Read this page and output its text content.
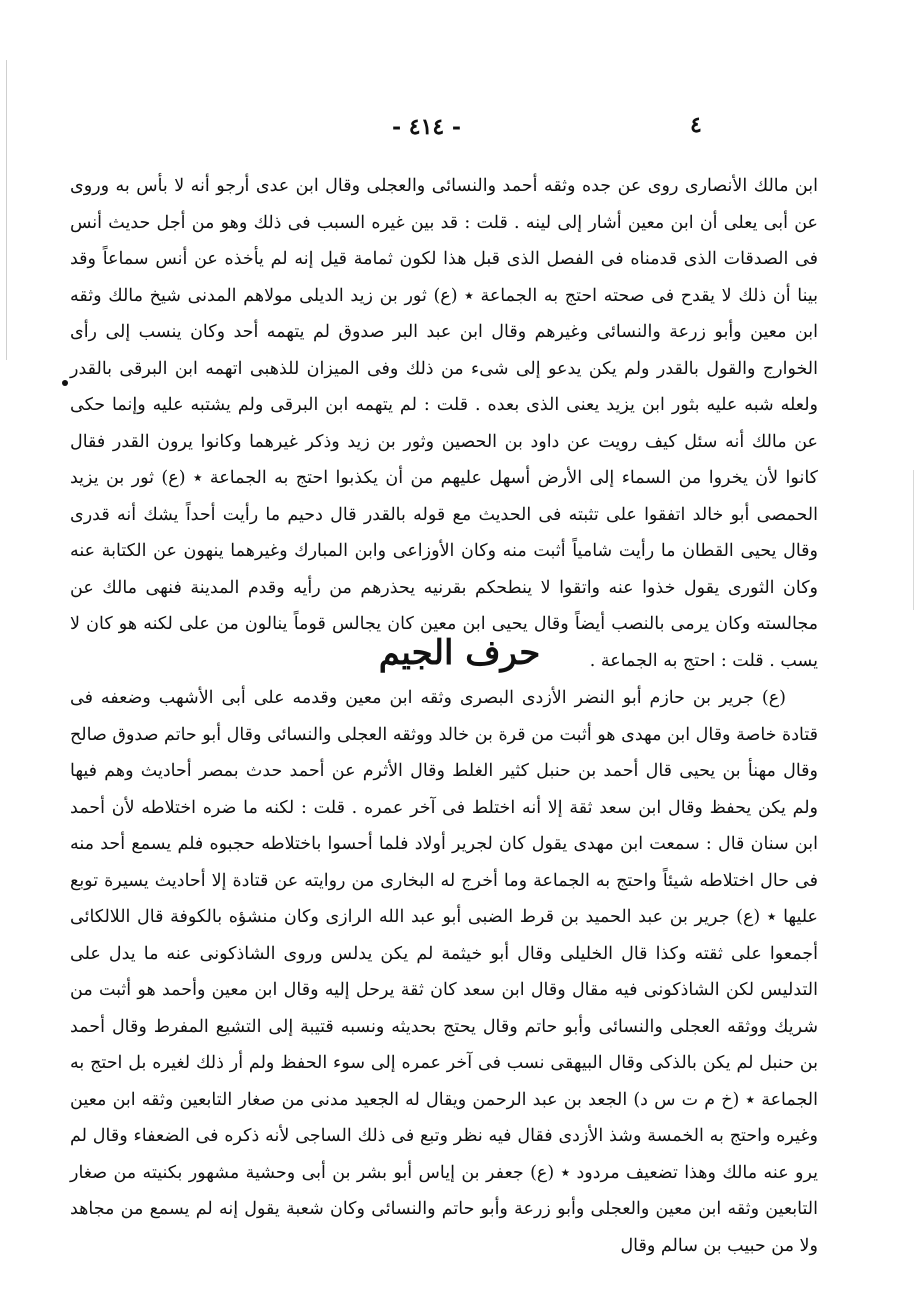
- ٤١٤ -	٤

ابن مالك الأنصارى روى عن جده وثقه أحمد والنسائى والعجلى وقال ابن عدى أرجو أنه لا بأس به وروى عن أبى يعلى أن ابن معين أشار إلى لينه . قلت : قد بين غيره السبب فى ذلك وهو من أجل حديث أنس فى الصدقات الذى قدمناه فى الفصل الذى قبل هذا لكون ثمامة قيل إنه لم يأخذه عن أنس سماعاً وقد بينا أن ذلك لا يقدح فى صحته احتج به الجماعة ٭ (ع) ثور بن زيد الديلى مولاهم المدنى شيخ مالك وثقه ابن معين وأبو زرعة والنسائى وغيرهم وقال ابن عبد البر صدوق لم يتهمه أحد وكان ينسب إلى رأى الخوارج والقول بالقدر ولم يكن يدعو إلى شىء من ذلك وفى الميزان للذهبى اتهمه ابن البرقى بالقدر ولعله شبه عليه بثور ابن يزيد يعنى الذى بعده . قلت : لم يتهمه ابن البرقى ولم يشتبه عليه وإنما حكى عن مالك أنه سئل كيف رويت عن داود بن الحصين وثور بن زيد وذكر غيرهما وكانوا يرون القدر فقال كانوا لأن يخروا من السماء إلى الأرض أسهل عليهم من أن يكذبوا احتج به الجماعة ٭ (ع) ثور بن يزيد الحمصى أبو خالد اتفقوا على تثبته فى الحديث مع قوله بالقدر قال دحيم ما رأيت أحداً يشك أنه قدرى وقال يحيى القطان ما رأيت شامياً أثبت منه وكان الأوزاعى وابن المبارك وغيرهما ينهون عن الكتابة عنه وكان الثورى يقول خذوا عنه واتقوا لا ينطحكم بقرنيه يحذرهم من رأيه وقدم المدينة فنهى مالك عن مجالسته وكان يرمى بالنصب أيضاً وقال يحيى ابن معين كان يجالس قوماً ينالون من على لكنه هو كان لا يسب . قلت : احتج به الجماعة .

حرف الجيم

(ع) جرير بن حازم أبو النضر الأزدى البصرى وثقه ابن معين وقدمه على أبى الأشهب وضعفه فى قتادة خاصة وقال ابن مهدى هو أثبت من قرة بن خالد ووثقه العجلى والنسائى وقال أبو حاتم صدوق صالح وقال مهنأ بن يحيى قال أحمد بن حنبل كثير الغلط وقال الأثرم عن أحمد حدث بمصر أحاديث وهم فيها ولم يكن يحفظ وقال ابن سعد ثقة إلا أنه اختلط فى آخر عمره . قلت : لكنه ما ضره اختلاطه لأن أحمد ابن سنان قال : سمعت ابن مهدى يقول كان لجرير أولاد فلما أحسوا باختلاطه حجبوه فلم يسمع أحد منه فى حال اختلاطه شيئاً واحتج به الجماعة وما أخرج له البخارى من روايته عن قتادة إلا أحاديث يسيرة توبع عليها ٭ (ع) جرير بن عبد الحميد بن قرط الضبى أبو عبد الله الرازى وكان منشؤه بالكوفة قال اللالكائى أجمعوا على ثقته وكذا قال الخليلى وقال أبو خيثمة لم يكن يدلس وروى الشاذكونى عنه ما يدل على التدليس لكن الشاذكونى فيه مقال وقال ابن سعد كان ثقة يرحل إليه وقال ابن معين وأحمد هو أثبت من شريك ووثقه العجلى والنسائى وأبو حاتم وقال يحتج بحديثه ونسبه قتيبة إلى التشيع المفرط وقال أحمد بن حنبل لم يكن بالذكى وقال البيهقى نسب فى آخر عمره إلى سوء الحفظ ولم أر ذلك لغيره بل احتج به الجماعة ٭ (خ م ت س د) الجعد بن عبد الرحمن ويقال له الجعيد مدنى من صغار التابعين وثقه ابن معين وغيره واحتج به الخمسة وشذ الأزدى فقال فيه نظر وتبع فى ذلك الساجى لأنه ذكره فى الضعفاء وقال لم يرو عنه مالك وهذا تضعيف مردود ٭ (ع) جعفر بن إياس أبو بشر بن أبى وحشية مشهور بكنيته من صغار التابعين وثقه ابن معين والعجلى وأبو زرعة وأبو حاتم والنسائى وكان شعبة يقول إنه لم يسمع من مجاهد ولا من حبيب بن سالم وقال
